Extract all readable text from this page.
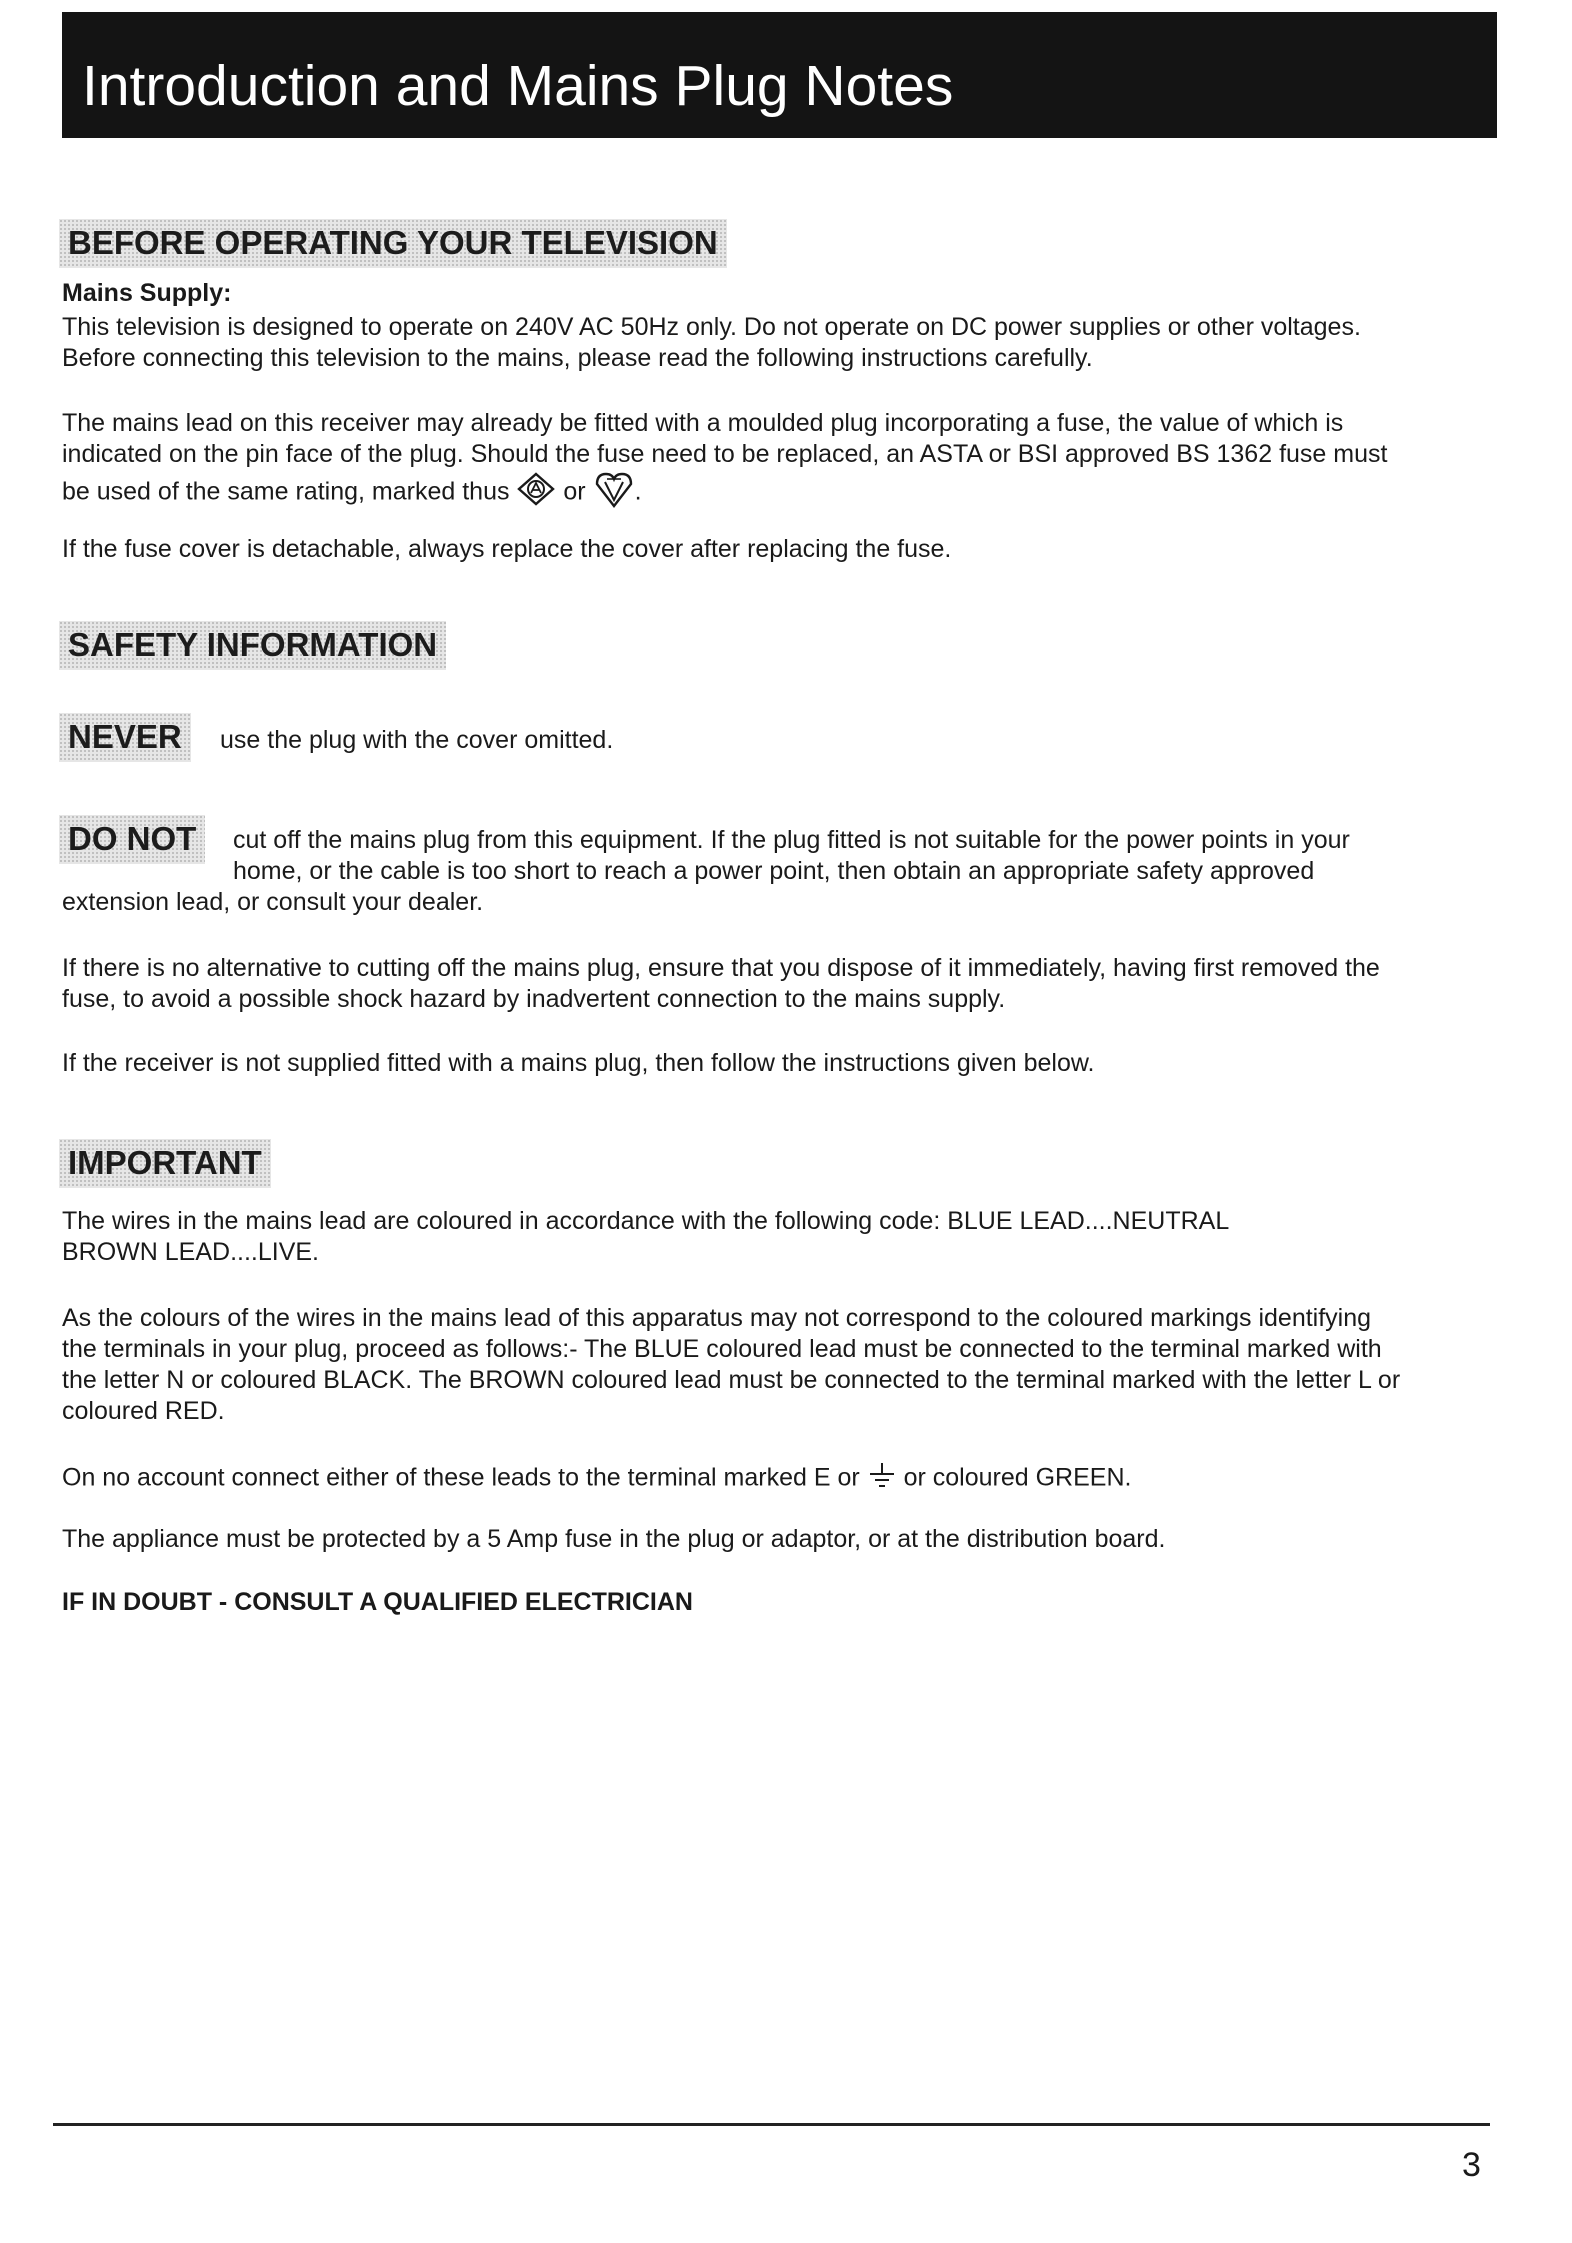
Introduction and Mains Plug Notes
BEFORE OPERATING YOUR TELEVISION
Mains Supply:
This television is designed to operate on 240V AC 50Hz only. Do not operate on DC power supplies or other voltages.
Before connecting this television to the mains, please read the following instructions carefully.
The mains lead on this receiver may already be fitted with a moulded plug incorporating a fuse, the value of which is
indicated on the pin face of the plug. Should the fuse need to be replaced, an ASTA or BSI approved BS 1362 fuse must
be used of the same rating, marked thus or .
If the fuse cover is detachable, always replace the cover after replacing the fuse.
SAFETY INFORMATION
NEVER	use the plug with the cover omitted.
DO NOT	cut off the mains plug from this equipment. If the plug fitted is not suitable for the power points in your
home, or the cable is too short to reach a power point, then obtain an appropriate safety approved
extension lead, or consult your dealer.
If there is no alternative to cutting off the mains plug, ensure that you dispose of it immediately, having first removed the
fuse, to avoid a possible shock hazard by inadvertent connection to the mains supply.
If the receiver is not supplied fitted with a mains plug, then follow the instructions given below.
IMPORTANT
The wires in the mains lead are coloured in accordance with the following code: BLUE LEAD....NEUTRAL
BROWN LEAD....LIVE.
As the colours of the wires in the mains lead of this apparatus may not correspond to the coloured markings identifying
the terminals in your plug, proceed as follows:- The BLUE coloured lead must be connected to the terminal marked with
the letter N or coloured BLACK. The BROWN coloured lead must be connected to the terminal marked with the letter L or
coloured RED.
On no account connect either of these leads to the terminal marked E or or coloured GREEN.
The appliance must be protected by a 5 Amp fuse in the plug or adaptor, or at the distribution board.
IF IN DOUBT - CONSULT A QUALIFIED ELECTRICIAN
3
